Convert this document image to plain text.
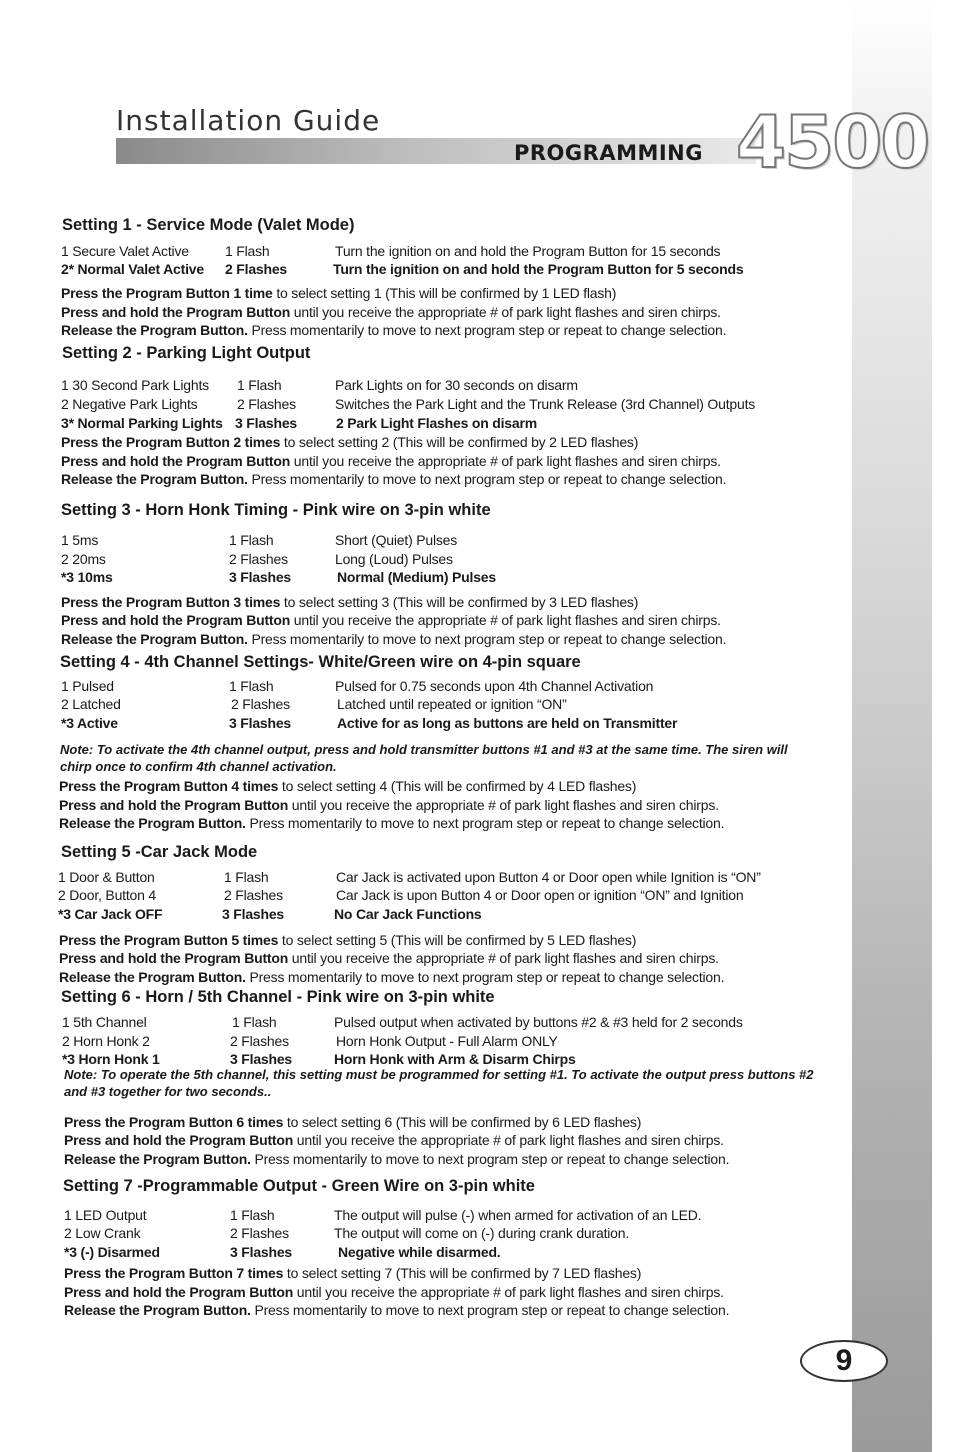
Installation Guide
PROGRAMMING 4500
Setting 1 - Service Mode (Valet Mode)
1 Secure Valet Active	1 Flash	Turn the ignition on and hold the Program Button for 15 seconds
2* Normal Valet Active 2 Flashes	Turn the ignition on and hold the Program Button for 5 seconds
Press the Program Button 1 time to select setting 1 (This will be confirmed by 1 LED flash)
Press and hold the Program Button until you receive the appropriate # of park light flashes and siren chirps.
Release the Program Button. Press momentarily to move to next program step or repeat to change selection.
Setting 2 - Parking Light Output
1 30 Second Park Lights 1 Flash	Park Lights on for 30 seconds on disarm
2 Negative Park Lights	2 Flashes	Switches the Park Light and the Trunk Release (3rd Channel) Outputs
3* Normal Parking Lights 3 Flashes	2 Park Light Flashes on disarm
Press the Program Button 2 times to select setting 2 (This will be confirmed by 2 LED flashes)
Press and hold the Program Button until you receive the appropriate # of park light flashes and siren chirps.
Release the Program Button. Press momentarily to move to next program step or repeat to change selection.
Setting 3 - Horn Honk Timing - Pink wire on 3-pin white
1 5ms	1 Flash	Short (Quiet) Pulses
2 20ms	2 Flashes	Long (Loud) Pulses
*3 10ms	3 Flashes	Normal (Medium) Pulses
Press the Program Button 3 times to select setting 3 (This will be confirmed by 3 LED flashes)
Press and hold the Program Button until you receive the appropriate # of park light flashes and siren chirps.
Release the Program Button. Press momentarily to move to next program step or repeat to change selection.
Setting 4 - 4th Channel Settings- White/Green wire on 4-pin square
1 Pulsed	1 Flash	Pulsed for 0.75 seconds upon 4th Channel Activation
2 Latched	2 Flashes	Latched until repeated or ignition “ON”
*3 Active	3 Flashes	Active for as long as buttons are held on Transmitter
Note: To activate the 4th channel output, press and hold transmitter buttons #1 and #3 at the same time. The siren will chirp once to confirm 4th channel activation.
Press the Program Button 4 times to select setting 4 (This will be confirmed by 4 LED flashes)
Press and hold the Program Button until you receive the appropriate # of park light flashes and siren chirps.
Release the Program Button. Press momentarily to move to next program step or repeat to change selection.
Setting 5 -Car Jack Mode
1 Door & Button	1 Flash	Car Jack is activated upon Button 4 or Door open while Ignition is “ON”
2 Door, Button 4	2 Flashes	Car Jack is upon Button 4 or Door open or ignition “ON” and Ignition
*3 Car Jack OFF	3 Flashes	No Car Jack Functions
Press the Program Button 5 times to select setting 5 (This will be confirmed by 5 LED flashes)
Press and hold the Program Button until you receive the appropriate # of park light flashes and siren chirps.
Release the Program Button. Press momentarily to move to next program step or repeat to change selection.
Setting 6 - Horn / 5th Channel - Pink wire on 3-pin white
1 5th Channel	1 Flash	Pulsed output when activated by buttons #2 & #3 held for 2 seconds
2 Horn Honk 2	2 Flashes	Horn Honk Output - Full Alarm ONLY
*3 Horn Honk 1	3 Flashes	Horn Honk with Arm & Disarm Chirps
Note: To operate the 5th channel, this setting must be programmed for setting #1. To activate the output press buttons #2 and #3 together for two seconds..
Press the Program Button 6 times to select setting 6 (This will be confirmed by 6 LED flashes)
Press and hold the Program Button until you receive the appropriate # of park light flashes and siren chirps.
Release the Program Button. Press momentarily to move to next program step or repeat to change selection.
Setting 7 -Programmable Output - Green Wire on 3-pin white
1 LED Output	1 Flash	The output will pulse (-) when armed for activation of an LED.
2 Low Crank	2 Flashes	The output will come on (-) during crank duration.
*3 (-) Disarmed	3 Flashes	Negative while disarmed.
Press the Program Button 7 times to select setting 7 (This will be confirmed by 7 LED flashes)
Press and hold the Program Button until you receive the appropriate # of park light flashes and siren chirps.
Release the Program Button. Press momentarily to move to next program step or repeat to change selection.
9
